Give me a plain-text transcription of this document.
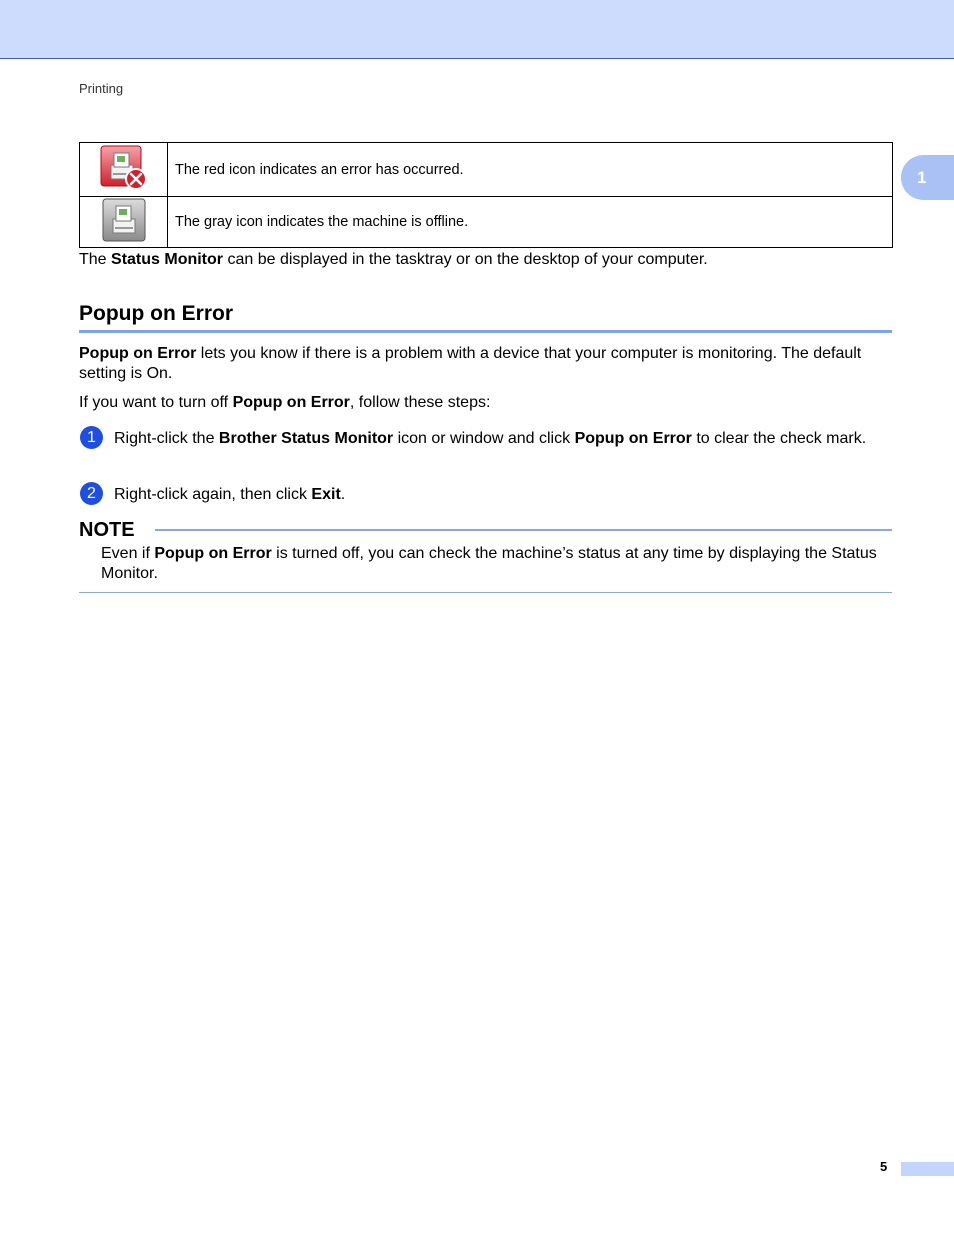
Printing
1
	The red icon indicates an error has occurred.
	The gray icon indicates the machine is offline.

The Status Monitor can be displayed in the tasktray or on the desktop of your computer.

Popup on Error

Popup on Error lets you know if there is a problem with a device that your computer is monitoring. The default setting is On.

If you want to turn off Popup on Error, follow these steps:

1	Right-click the Brother Status Monitor icon or window and click Popup on Error to clear the check mark.

2	Right-click again, then click Exit.

NOTE

Even if Popup on Error is turned off, you can check the machine’s status at any time by displaying the Status Monitor.

5
